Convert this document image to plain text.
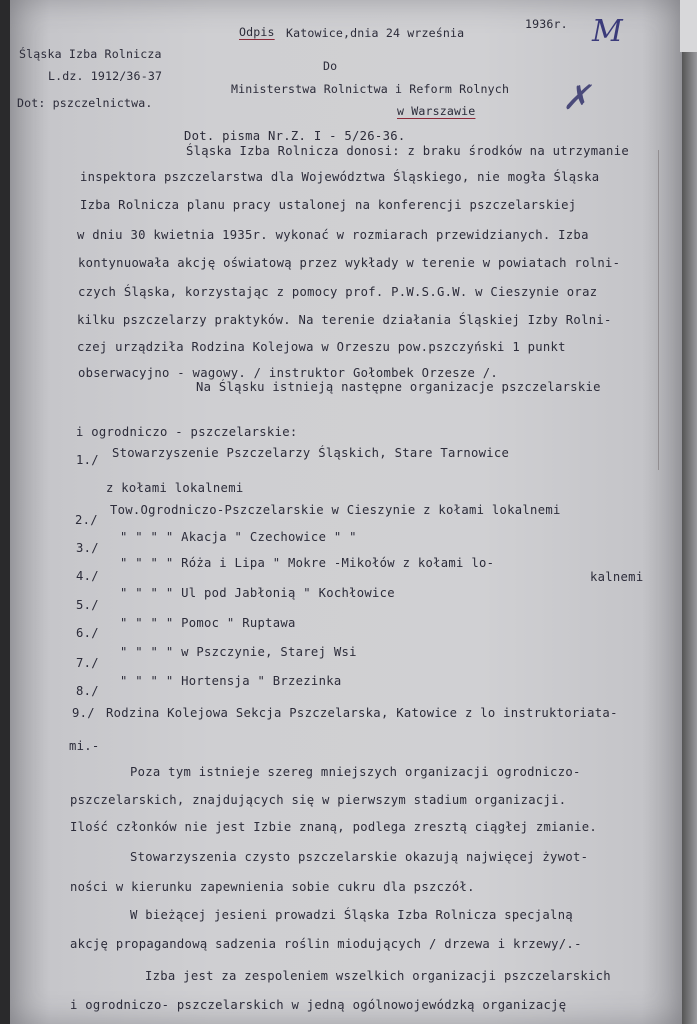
Odpis Katowice,dnia 24 września
1936r. M
Śląska Izba Rolnicza
L.dz. 1912/36-37
Dot: pszczelnictwa.
Do
Ministerstwa Rolnictwa i Reform Rolnych
w Warszawie	✗
Dot. pisma Nr.Z. I - 5/26-36.
Śląska Izba Rolnicza donosi: z braku środków na utrzymanie
inspektora pszczelarstwa dla Województwa Śląskiego, nie mogła Śląska
Izba Rolnicza planu pracy ustalonej na konferencji pszczelarskiej
w dniu 30 kwietnia 1935r. wykonać w rozmiarach przewidzianych. Izba
kontynuowała akcję oświatową przez wykłady w terenie w powiatach rolni-
czych Śląska, korzystając z pomocy prof. P.W.S.G.W. w Cieszynie oraz
kilku pszczelarzy praktyków. Na terenie działania Śląskiej Izby Rolni-
czej urządziła Rodzina Kolejowa w Orzeszu pow.pszczyński 1 punkt
obserwacyjno - wagowy. / instruktor Gołombek Orzesze /.
Na Śląsku istnieją następne organizacje pszczelarskie
i ogrodniczo - pszczelarskie:
1./ Stowarzyszenie Pszczelarzy Śląskich, Stare Tarnowice
z kołami lokalnemi
2./
Tow.Ogrodniczo-Pszczelarskie w Cieszynie z kołami lokalnemi
3./
" " " " Akacja " Czechowice " "
4./
" " " " Róża i Lipa " Mokre -Mikołów z kołami lo-
kalnemi
5./
" " " " Ul pod Jabłonią " Kochłowice
6./
" " " " Pomoc " Ruptawa
7./
" " " " w Pszczynie, Starej Wsi
8./
" " " " Hortensja " Brzezinka
9./ Rodzina Kolejowa Sekcja Pszczelarska, Katowice z lo instruktoriata-
mi.-
Poza tym istnieje szereg mniejszych organizacji ogrodniczo-
pszczelarskich, znajdujących się w pierwszym stadium organizacji.
Ilość członków nie jest Izbie znaną, podlega zresztą ciągłej zmianie.
Stowarzyszenia czysto pszczelarskie okazują najwięcej żywot-
ności w kierunku zapewnienia sobie cukru dla pszczół.
W bieżącej jesieni prowadzi Śląska Izba Rolnicza specjalną
akcję propagandową sadzenia roślin miodujących / drzewa i krzewy/.-
Izba jest za zespoleniem wszelkich organizacji pszczelarskich
i ogrodniczo- pszczelarskich w jedną ogólnowojewódzką organizację
